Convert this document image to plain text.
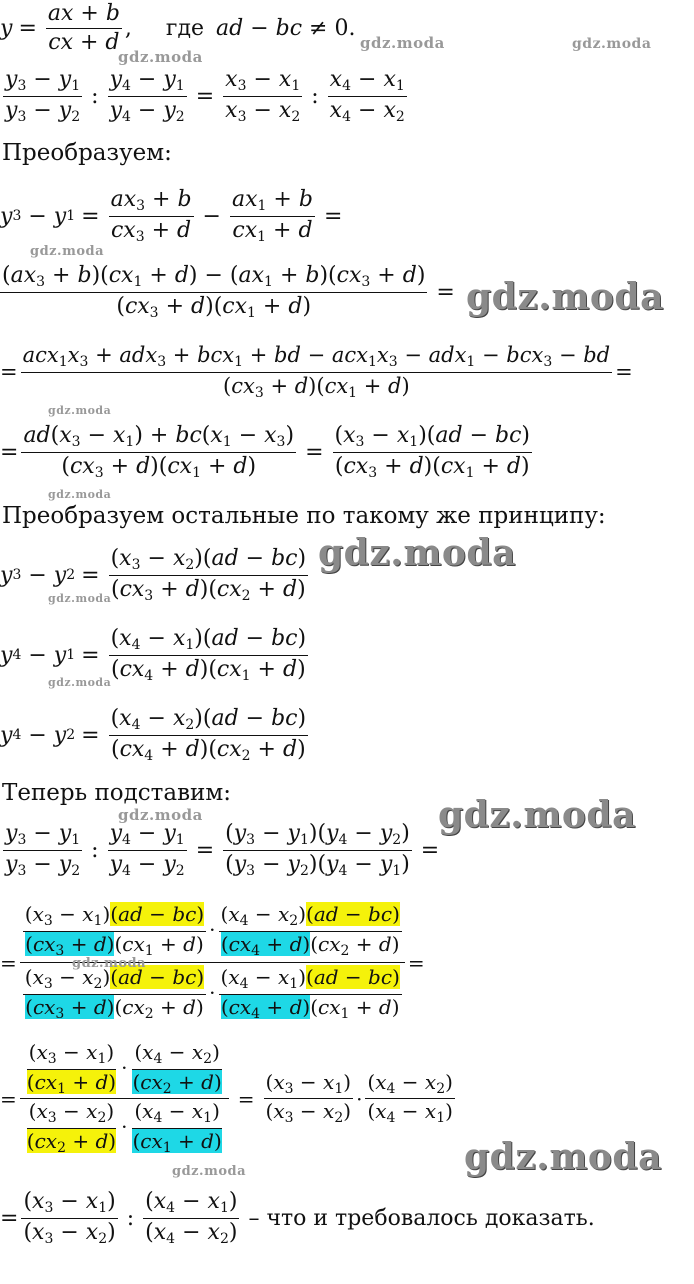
$y = \frac{ax + b}{cx + d}$ , где ad − bc ≠ 0.
$\frac{y_3 - y_1}{y_3 - y_2}$ : $\frac{y_4 - y_1}{y_4 - y_2} = \frac{x_3 - x_1}{x_3 - x_2}$ : $\frac{x_4 - x_1}{x_4 - x_2}$
Преобразуем:
y 3 − y $1 = \frac{ax_3 + b}{cx_3 + d} - \frac{ax_1 + b}{cx_1 + d}$ =
$\frac{(ax_3 + b)(cx_1 + d) - (ax_1 + b)(cx_3 + d)}{(cx_3 + d)(cx_1 + d)}$ =
= $\frac{acx_1x_3 + adx_3 + bcx_1 + bd - acx_1x_3 - adx_1 - bcx_3 - bd}{(cx_3 + d)(cx_1 + d)}$ =
= $\frac{ad(x_3 - x_1) + bc(x_1 - x_3)}{(cx_3 + d)(cx_1 + d)} = \frac{(x_3 - x_1)(ad - bc)}{(cx_3 + d)(cx_1 + d)}$
Преобразуем остальные по такому же принципу:
y 3 − y $2 = \frac{(x_3 - x_2)(ad - bc)}{(cx_3 + d)(cx_2 + d)}$
y 4 − y $1 = \frac{(x_4 - x_1)(ad - bc)}{(cx_4 + d)(cx_1 + d)}$
y 4 − y $2 = \frac{(x_4 - x_2)(ad - bc)}{(cx_4 + d)(cx_2 + d)}$
Теперь подставим:
$\frac{y_3 - y_1}{y_3 - y_2}$ : $\frac{y_4 - y_1}{y_4 - y_2} = \frac{(y_3 - y_1)(y_4 - y_2)}{(y_3 - y_2)(y_4 - y_1)}$ =
=
$\frac{(x_3 - x_1)(ad - bc)}{(cx_3 + d)(cx_1 + d)} \cdot \frac{(x_4 - x_2)(ad - bc)}{(cx_4 + d)(cx_2 + d)}$
$\frac{(x_3 - x_2)(ad - bc)}{(cx_3 + d)(cx_2 + d)} \cdot \frac{(x_4 - x_1)(ad - bc)}{(cx_4 + d)(cx_1 + d)}$
=
= $\frac{\frac{(x_3 - x_1)}{(cx_1 + d)} \cdot \frac{(x_4 - x_2)}{(cx_2 + d)}}{\frac{(x_3 - x_2)}{(cx_2 + d)} \cdot \frac{(x_4 - x_1)}{(cx_1 + d)}} = \frac{(x_3 - x_1)}{(x_3 - x_2)} \cdot \frac{(x_4 - x_2)}{(x_4 - x_1)}$
= $\frac{(x_3 - x_1)}{(x_3 - x_2)}$ : $\frac{(x_4 - x_1)}{(x_4 - x_2)}$ – что и требовалось доказать.
gdz.moda
gdz.moda	gdz.moda
gdz.moda
gdz.moda
gdz.moda
gdz.moda
gdz.moda
gdz.moda
gdz.moda
gdz.moda	gdz.moda
gdz.moda
gdz.moda	gdz.moda
